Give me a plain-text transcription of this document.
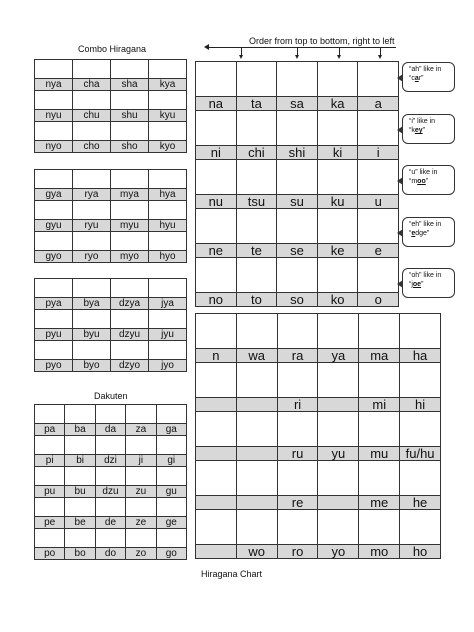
Combo Hiragana
Order from top to bottom, right to left
Dakuten
Hiragana Chart

nya	cha	sha	kya

nyu	chu	shu	kyu

nyo	cho	sho	kyo

gya	rya	mya	hya

gyu	ryu	myu	hyu

gyo	ryo	myo	hyo

pya	bya	dzya	jya

pyu	byu	dzyu	jyu

pyo	byo	dzyo	jyo

pa	ba	da	za	ga

pi	bi	dzi	ji	gi

pu	bu	dzu	zu	gu

pe	be	de	ze	ge

po	bo	do	zo	go

na	ta	sa	ka	a

ni	chi	shi	ki	i

nu	tsu	su	ku	u

ne	te	se	ke	e

no	to	so	ko	o

n	wa	ra	ya	ma	ha

		ri		mi	hi

		ru	yu	mu	fu/hu

		re		me	he

	wo	ro	yo	mo	ho
“ah” like in “car”
“i” like in “key”
“u” like in “moo”
“eh” like in “edge”
“oh” like in “joe”
